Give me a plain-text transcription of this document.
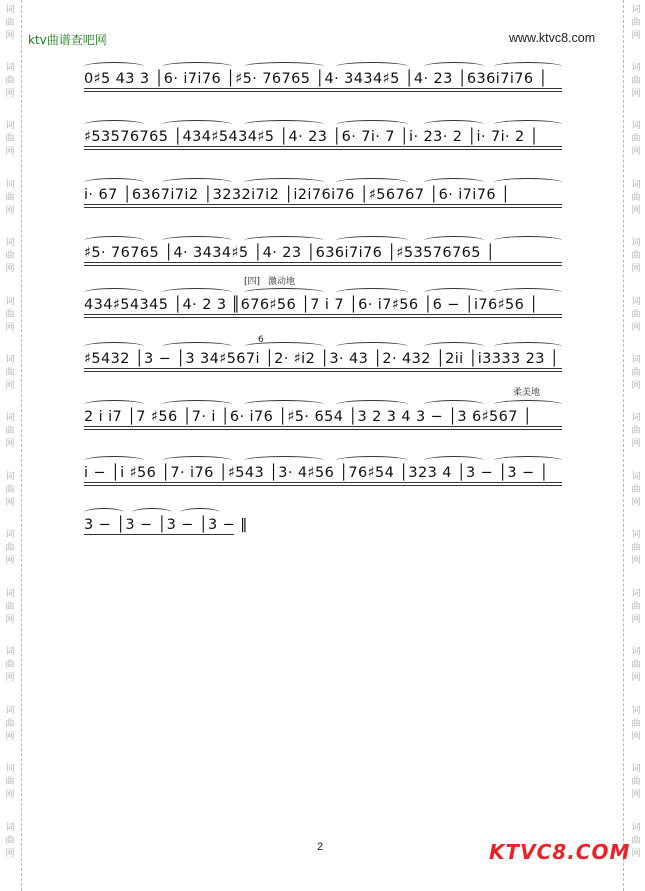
词
曲
网
词
曲
网
词
曲
网
词
曲
网
词
曲
网
词
曲
网
词
曲
网
词
曲
网
词
曲
网
词
曲
网
词
曲
网
词
曲
网
词
曲
网
词
曲
网
词
曲
网
词
曲
网
词
曲
网
词
曲
网
词
曲
网
词
曲
网
词
曲
网
词
曲
网
词
曲
网
词
曲
网
词
曲
网
词
曲
网
词
曲
网
词
曲
网
词
曲
网
词
曲
网
ktv曲谱查吧网	www.ktvc8.com
0♯5 43 3 │6· i7i76 │♯5· 76765 │4· 3434♯5 │4· 23 │636i7i76 │
♯53576765 │434♯5434♯5 │4· 23 │6· 7i· 7 │i· 23· 2 │i· 7i· 2 │
i· 67 │6367i7i2 │3232i7i2 │i2i76i76 │♯56767 │6· i7i76 │
♯5· 76765 │4· 3434♯5 │4· 23 │636i7i76 │♯53576765 │
434♯54345 │4· 2 3 ║676♯56 │7 i 7 │6· i7♯56 │6 − │i76♯56 │
♯5432 │3 − │3 34♯567i │2· ♯i2 │3· 43 │2· 432 │2ii │i3333 23 │
2 i i7 │7 ♯56 │7· i │6· i76 │♯5· 654 │3 2 3 4 3 − │3 6♯567 │
i − │i ♯56 │7· i76 │♯543 │3· 4♯56 │76♯54 │323 4 │3 − │3 − │
3 − │3 − │3 − │3 − ‖
[四] 激动地
柔美地
6
2	KTVC8.COM
